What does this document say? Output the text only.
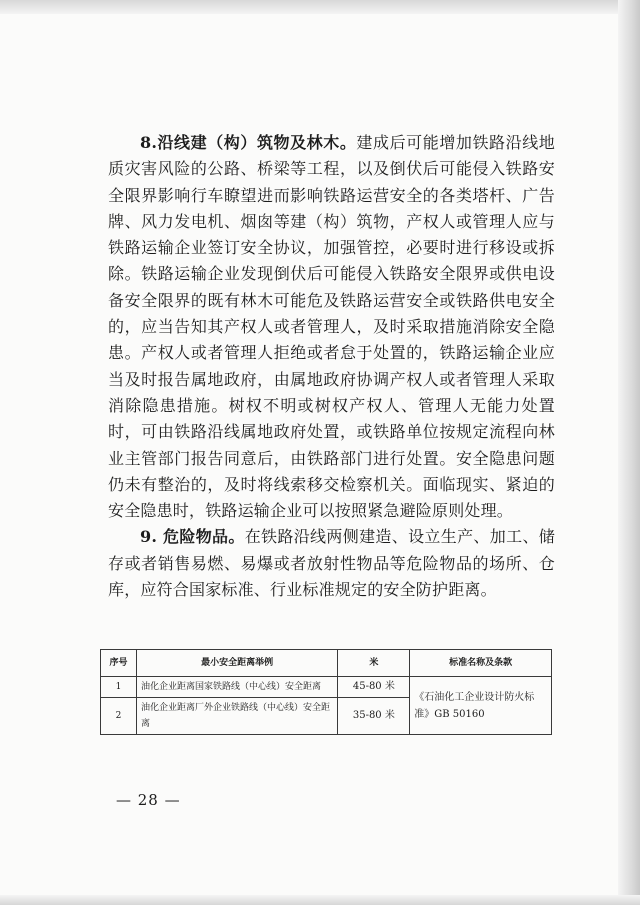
8.沿线建（构）筑物及林木。建成后可能增加铁路沿线地质灾害风险的公路、桥梁等工程，以及倒伏后可能侵入铁路安全限界影响行车瞭望进而影响铁路运营安全的各类塔杆、广告牌、风力发电机、烟囱等建（构）筑物，产权人或管理人应与铁路运输企业签订安全协议，加强管控，必要时进行移设或拆除。铁路运输企业发现倒伏后可能侵入铁路安全限界或供电设备安全限界的既有林木可能危及铁路运营安全或铁路供电安全的，应当告知其产权人或者管理人，及时采取措施消除安全隐患。产权人或者管理人拒绝或者怠于处置的，铁路运输企业应当及时报告属地政府，由属地政府协调产权人或者管理人采取消除隐患措施。树权不明或树权产权人、管理人无能力处置时，可由铁路沿线属地政府处置，或铁路单位按规定流程向林业主管部门报告同意后，由铁路部门进行处置。安全隐患问题仍未有整治的，及时将线索移交检察机关。面临现实、紧迫的安全隐患时，铁路运输企业可以按照紧急避险原则处理。

9. 危险物品。在铁路沿线两侧建造、设立生产、加工、储存或者销售易燃、易爆或者放射性物品等危险物品的场所、仓库，应符合国家标准、行业标准规定的安全防护距离。

序号	最小安全距离举例	米	标准名称及条款
1	油化企业距离国家铁路线（中心线）安全距离	45-80 米	《石油化工企业设计防火标准》GB 50160
2	油化企业距离厂外企业铁路线（中心线）安全距离	35-80 米	
— 28 —
